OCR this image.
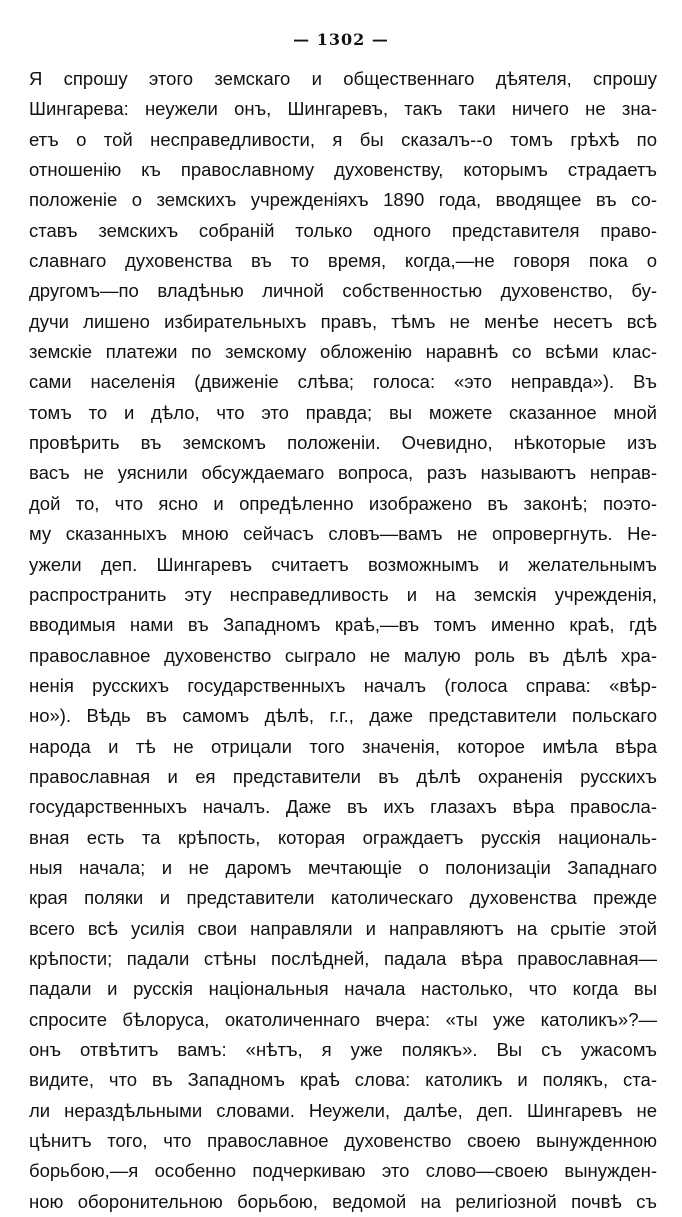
— 1302 —
Я спрошу этого земскаго и общественнаго дѣятеля, спрошу
Шингарева: неужели онъ, Шингаревъ, такъ таки ничего не зна-
етъ о той несправедливости, я бы сказалъ--о томъ грѣхѣ по
отношенію къ православному духовенству, которымъ страдаетъ
положеніе о земскихъ учрежденіяхъ 1890 года, вводящее въ со-
ставъ земскихъ собраній только одного представителя право-
славнаго духовенства въ то время, когда,—не говоря пока о
другомъ—по владѣнью личной собственностью духовенство, бу-
дучи лишено избирательныхъ правъ, тѣмъ не менѣе несетъ всѣ
земскіе платежи по земскому обложенію наравнѣ со всѣми клас-
сами населенія (движеніе слѣва; голоса: «это неправда»). Въ
томъ то и дѣло, что это правда; вы можете сказанное мной
провѣрить въ земскомъ положеніи. Очевидно, нѣкоторые изъ
васъ не уяснили обсуждаемаго вопроса, разъ называютъ неправ-
дой то, что ясно и опредѣленно изображено въ законѣ; поэто-
му сказанныхъ мною сейчасъ словъ—вамъ не опровергнуть. Не-
ужели деп. Шингаревъ считаетъ возможнымъ и желательнымъ
распространить эту несправедливость и на земскія учрежденія,
вводимыя нами въ Западномъ краѣ,—въ томъ именно краѣ, гдѣ
православное духовенство сыграло не малую роль въ дѣлѣ хра-
ненія русскихъ государственныхъ началъ (голоса справа: «вѣр-
но»). Вѣдь въ самомъ дѣлѣ, г.г., даже представители польскаго
народа и тѣ не отрицали того значенія, которое имѣла вѣра
православная и ея представители въ дѣлѣ охраненія русскихъ
государственныхъ началъ. Даже въ ихъ глазахъ вѣра правосла-
вная есть та крѣпость, которая ограждаетъ русскія националь-
ныя начала; и не даромъ мечтающіе о полонизаціи Западнаго
края поляки и представители католическаго духовенства прежде
всего всѣ усилія свои направляли и направляютъ на срытіе этой
крѣпости; падали стѣны послѣдней, падала вѣра православная—
падали и русскія національныя начала настолько, что когда вы
спросите бѣлоруса, окатоличеннаго вчера: «ты уже католикъ»?—
онъ отвѣтитъ вамъ: «нѣтъ, я уже полякъ». Вы съ ужасомъ
видите, что въ Западномъ краѣ слова: католикъ и полякъ, ста-
ли нераздѣльными словами. Неужели, далѣе, деп. Шингаревъ не
цѣнитъ того, что православное духовенство своею вынужденною
борьбою,—я особенно подчеркиваю это слово—своею вынужден-
ною оборонительною борьбою, ведомой на религіозной почвѣ съ
